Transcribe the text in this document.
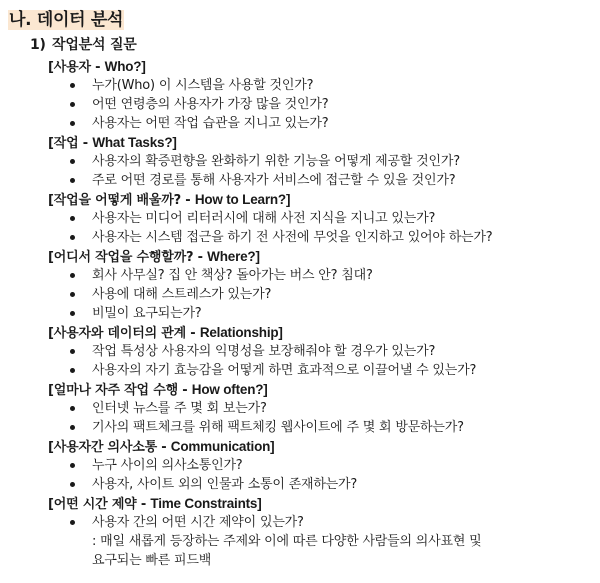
나. 데이터 분석
1) 작업분석 질문
[사용자 - Who?]
누가(Who) 이 시스템을 사용할 것인가?
어떤 연령층의 사용자가 가장 많을 것인가?
사용자는 어떤 작업 습관을 지니고 있는가?
[작업 - What Tasks?]
사용자의 확증편향을 완화하기 위한 기능을 어떻게 제공할 것인가?
주로 어떤 경로를 통해 사용자가 서비스에 접근할 수 있을 것인가?
[작업을 어떻게 배울까? - How to Learn?]
사용자는 미디어 리터러시에 대해 사전 지식을 지니고 있는가?
사용자는 시스템 접근을 하기 전 사전에 무엇을 인지하고 있어야 하는가?
[어디서 작업을 수행할까? - Where?]
회사 사무실? 집 안 책상? 돌아가는 버스 안? 침대?
사용에 대해 스트레스가 있는가?
비밀이 요구되는가?
[사용자와 데이터의 관계 - Relationship]
작업 특성상 사용자의 익명성을 보장해줘야 할 경우가 있는가?
사용자의 자기 효능감을 어떻게 하면 효과적으로 이끌어낼 수 있는가?
[얼마나 자주 작업 수행 - How often?]
인터넷 뉴스를 주 몇 회 보는가?
기사의 팩트체크를 위해 팩트체킹 웹사이트에 주 몇 회 방문하는가?
[사용자간 의사소통 - Communication]
누구 사이의 의사소통인가?
사용자, 사이트 외의 인물과 소통이 존재하는가?
[어떤 시간 제약 - Time Constraints]
사용자 간의 어떤 시간 제약이 있는가?
: 매일 새롭게 등장하는 주제와 이에 따른 다양한 사람들의 의사표현 및
요구되는 빠른 피드백
